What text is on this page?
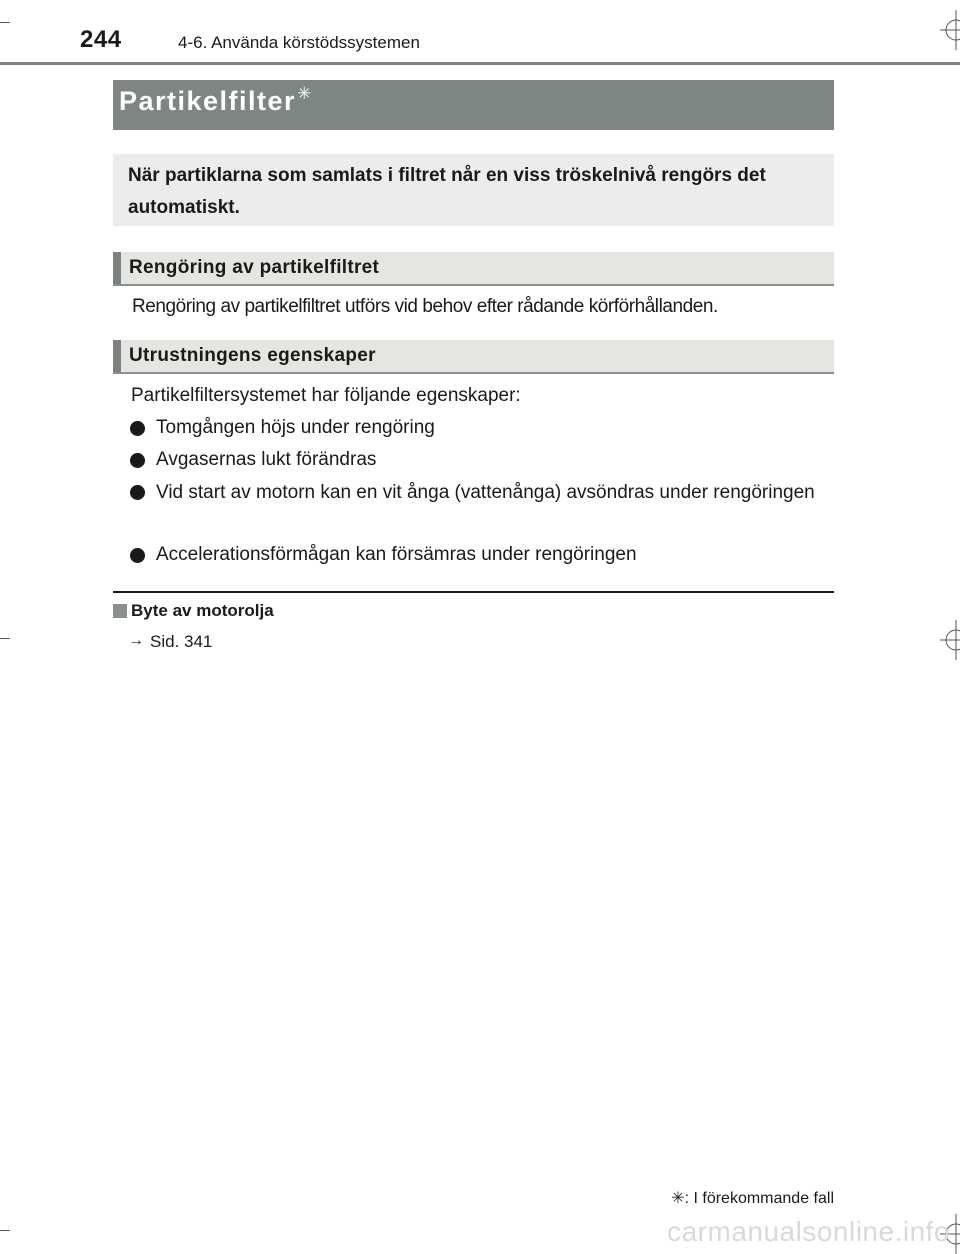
244	4-6. Använda körstödssystemen
Partikelfilter✳
När partiklarna som samlats i filtret når en viss tröskelnivå rengörs det automatiskt.
Rengöring av partikelfiltret
Rengöring av partikelfiltret utförs vid behov efter rådande körförhållanden.
Utrustningens egenskaper
Partikelfiltersystemet har följande egenskaper:
Tomgången höjs under rengöring
Avgasernas lukt förändras
Vid start av motorn kan en vit ånga (vattenånga) avsöndras under rengöringen
Accelerationsförmågan kan försämras under rengöringen
Byte av motorolja
→ Sid. 341
✳: I förekommande fall
carmanualsonline.info
